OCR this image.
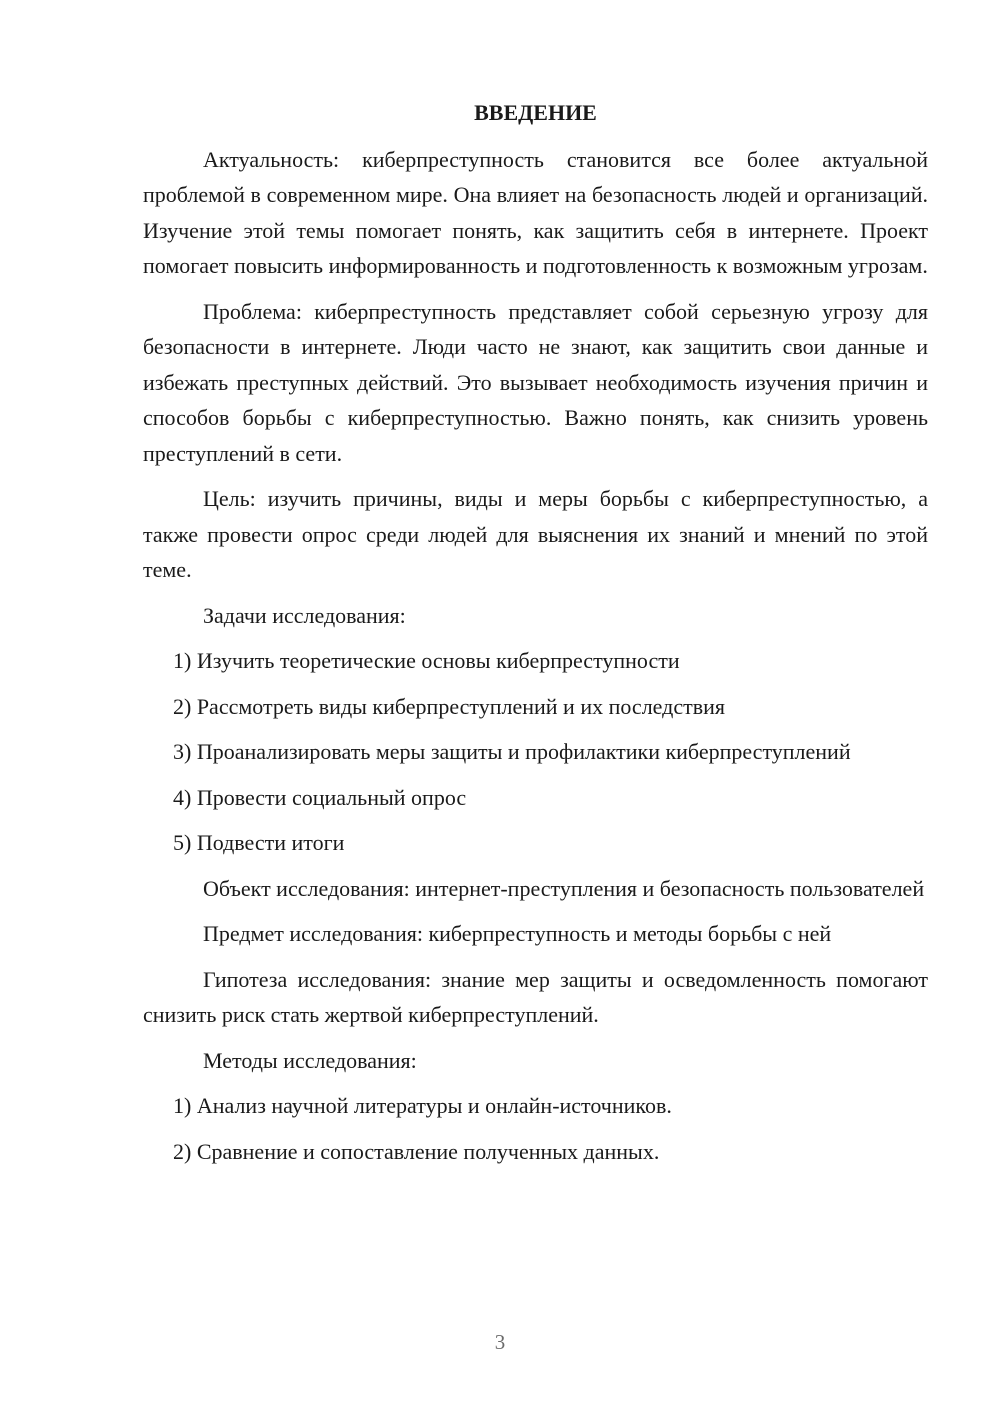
ВВЕДЕНИЕ

Актуальность: киберпреступность становится все более актуальной проблемой в современном мире. Она влияет на безопасность людей и организаций. Изучение этой темы помогает понять, как защитить себя в интернете. Проект помогает повысить информированность и подготовленность к возможным угрозам.

Проблема: киберпреступность представляет собой серьезную угрозу для безопасности в интернете. Люди часто не знают, как защитить свои данные и избежать преступных действий. Это вызывает необходимость изучения причин и способов борьбы с киберпреступностью. Важно понять, как снизить уровень преступлений в сети.

Цель: изучить причины, виды и меры борьбы с киберпреступностью, а также провести опрос среди людей для выяснения их знаний и мнений по этой теме.

Задачи исследования:

1) Изучить теоретические основы киберпреступности

2) Рассмотреть виды киберпреступлений и их последствия

3) Проанализировать меры защиты и профилактики киберпреступлений

4) Провести социальный опрос

5) Подвести итоги

Объект исследования: интернет-преступления и безопасность пользователей

Предмет исследования: киберпреступность и методы борьбы с ней

Гипотеза исследования: знание мер защиты и осведомленность помогают снизить риск стать жертвой киберпреступлений.

Методы исследования:

1) Анализ научной литературы и онлайн-источников.

2) Сравнение и сопоставление полученных данных.

3
